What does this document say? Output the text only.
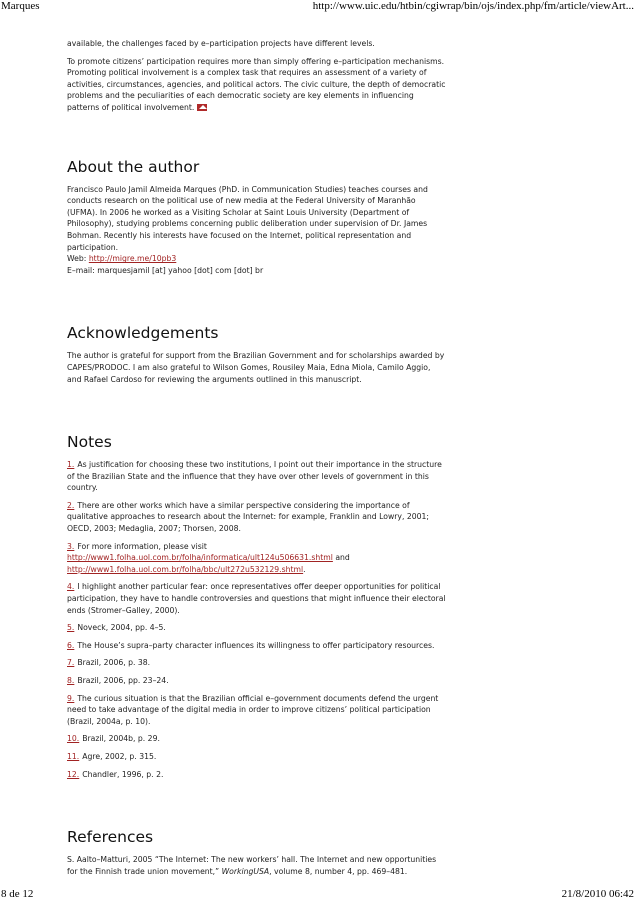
Marques	http://www.uic.edu/htbin/cgiwrap/bin/ojs/index.php/fm/article/viewArt...

available, the challenges faced by e–participation projects have different levels.

To promote citizens’ participation requires more than simply offering e–participation mechanisms. Promoting political involvement is a complex task that requires an assessment of a variety of activities, circumstances, agencies, and political actors. The civic culture, the depth of democratic problems and the peculiarities of each democratic society are key elements in influencing patterns of political involvement.

About the author

Francisco Paulo Jamil Almeida Marques (PhD. in Communication Studies) teaches courses and conducts research on the political use of new media at the Federal University of Maranhão (UFMA). In 2006 he worked as a Visiting Scholar at Saint Louis University (Department of Philosophy), studying problems concerning public deliberation under supervision of Dr. James Bohman. Recently his interests have focused on the Internet, political representation and participation.
Web: http://migre.me/10pb3
E–mail: marquesjamil [at] yahoo [dot] com [dot] br

Acknowledgements

The author is grateful for support from the Brazilian Government and for scholarships awarded by CAPES/PRODOC. I am also grateful to Wilson Gomes, Rousiley Maia, Edna Miola, Camilo Aggio, and Rafael Cardoso for reviewing the arguments outlined in this manuscript.

Notes
1. As justification for choosing these two institutions, I point out their importance in the structure of the Brazilian State and the influence that they have over other levels of government in this country.
2. There are other works which have a similar perspective considering the importance of qualitative approaches to research about the Internet: for example, Franklin and Lowry, 2001; OECD, 2003; Medaglia, 2007; Thorsen, 2008.
3. For more information, please visit http://www1.folha.uol.com.br/folha/informatica/ult124u506631.shtml and http://www1.folha.uol.com.br/folha/bbc/ult272u532129.shtml.
4. I highlight another particular fear: once representatives offer deeper opportunities for political participation, they have to handle controversies and questions that might influence their electoral ends (Stromer–Galley, 2000).
5. Noveck, 2004, pp. 4–5.
6. The House’s supra–party character influences its willingness to offer participatory resources.
7. Brazil, 2006, p. 38.
8. Brazil, 2006, pp. 23–24.
9. The curious situation is that the Brazilian official e–government documents defend the urgent need to take advantage of the digital media in order to improve citizens’ political participation (Brazil, 2004a, p. 10).
10. Brazil, 2004b, p. 29.
11. Agre, 2002, p. 315.
12. Chandler, 1996, p. 2.
References

S. Aalto–Matturi, 2005 “The Internet: The new workers’ hall. The Internet and new opportunities for the Finnish trade union movement,” WorkingUSA, volume 8, number 4, pp. 469–481.

8 de 12	21/8/2010 06:42
